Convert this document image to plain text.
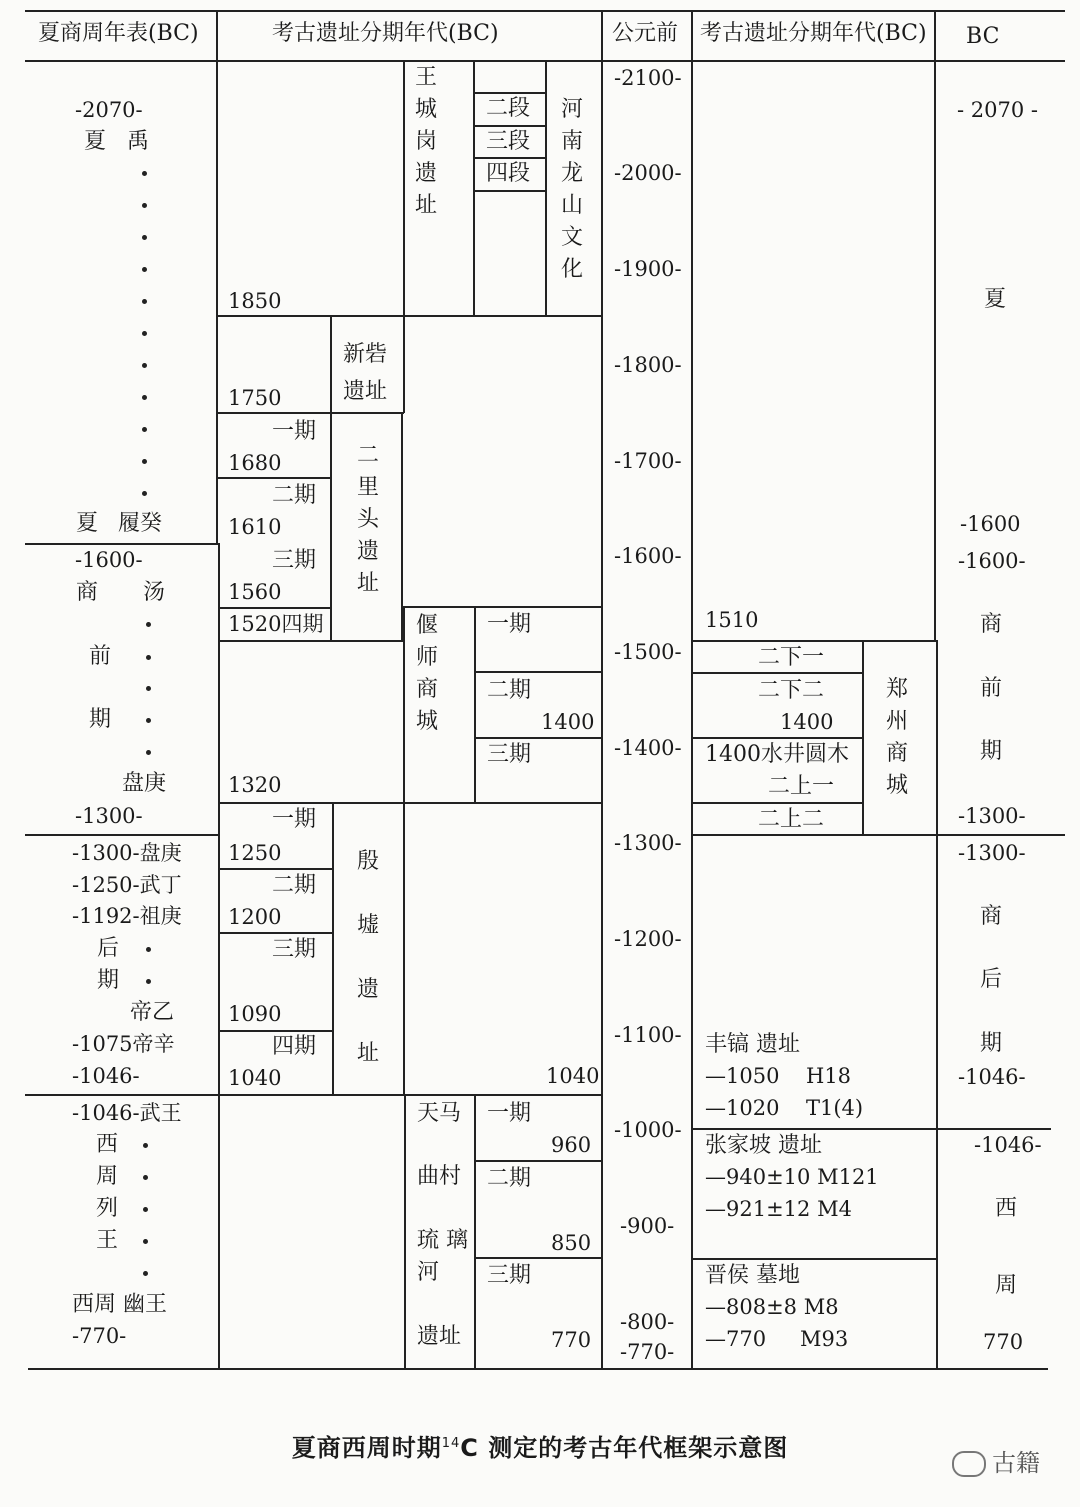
夏商周年表(BC)	考古遗址分期年代(BC)	公元前 考古遗址分期年代(BC) BC
-2070-
夏 禹
夏 履癸
-1600-
商 汤
前
期
盘庚
-1300-
-1300-盘庚
-1250-武丁
-1192-祖庚
后
期
帝乙
-1075帝辛
-1046-
-1046-武王
西
周
列
王
西周 幽王
-770-
1850
1750
一期
1680
二期
1610
三期
1560
1520四期
1320
王城岗遗址
二段
三段
四段
河南龙山文化
新砦遗址
二里头遗址
偃师商城
一期
二期
1400
三期
一期
1250
二期
1200
三期
1090
四期
1040
殷墟遗址
1040
天马
曲村
琉 璃
河
遗址
一期
960
二期
850
三期
770
-2100-
-2000-
-1900-
-1800-
-1700-
-1600-
-1500-
-1400-
-1300-
-1200-
-1100-
-1000-
-900-
-800-
-770-
1510
二下一
二下二
1400
1400水井圆木
二上一
二上二
郑州商城
丰镐 遗址
—1050 H18
—1020 T1(4)
张家坡 遗址
—940±10 M121
—921±12 M4
晋侯 墓地
—808±8 M8
—770 M93
- 2070 -
夏
-1600
-1600-
商
前
期
-1300-
-1300-
商
后
期
-1046-
-1046-
西
周
770
夏商西周时期$^{14}$C 测定的考古年代框架示意图
古籍
